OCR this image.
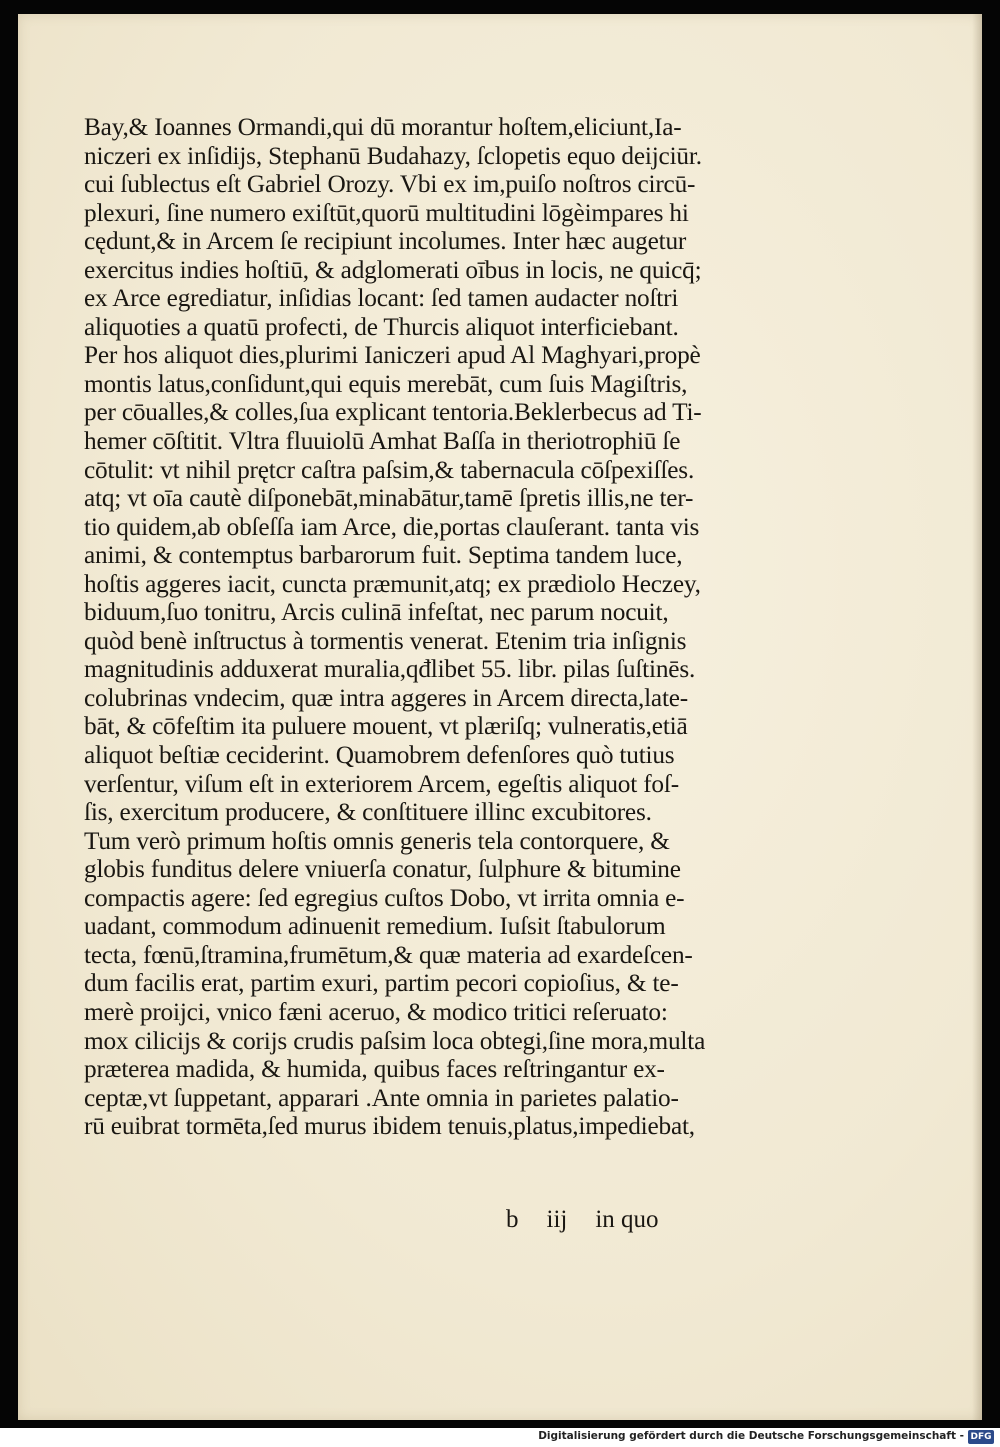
Bay,& Ioannes Ormandi,qui dū morantur hoſtem,eliciunt,Ia-
niczeri ex inſidijs, Stephanū Budahazy, ſclopetis equo deijciūr.
cui ſublectus eſt Gabriel Orozy. Vbi ex im,puiſo noſtros circū-
plexuri, ſine numero exiſtūt,quorū multitudini lōgèimpares hi
cędunt,& in Arcem ſe recipiunt incolumes. Inter hæc augetur
exercitus indies hoſtiū, & adglomerati oībus in locis, ne quicq̄;
ex Arce egrediatur, inſidias locant: ſed tamen audacter noſtri
aliquoties a quatū profecti, de Thurcis aliquot interficiebant.
Per hos aliquot dies,plurimi Ianiczeri apud Al Maghyari,propè
montis latus,conſidunt,qui equis merebāt, cum ſuis Magiſtris,
per cōualles,& colles,ſua explicant tentoria.Beklerbecus ad Ti-
hemer cōſtitit. Vltra fluuiolū Amhat Baſſa in theriotrophiū ſe
cōtulit: vt nihil prętcr caſtra paſsim,& tabernacula cōſpexiſſes.
atq; vt oīa cautè diſponebāt,minabātur,tamē ſpretis illis,ne ter-
tio quidem,ab obſeſſa iam Arce, die,portas clauſerant. tanta vis
animi, & contemptus barbarorum fuit. Septima tandem luce,
hoſtis aggeres iacit, cuncta præmunit,atq; ex prædiolo Heczey,
biduum,ſuo tonitru, Arcis culinā infeſtat, nec parum nocuit,
quòd benè inſtructus à tormentis venerat. Etenim tria inſignis
magnitudinis adduxerat muralia,qđlibet 55. libr. pilas ſuſtinēs.
colubrinas vndecim, quæ intra aggeres in Arcem directa,late-
bāt, & cōfeſtim ita puluere mouent, vt plæriſq; vulneratis,etiā
aliquot beſtiæ ceciderint. Quamobrem defenſores quò tutius
verſentur, viſum eſt in exteriorem Arcem, egeſtis aliquot foſ-
ſis, exercitum producere, & conſtituere illinc excubitores.
Tum verò primum hoſtis omnis generis tela contorquere, &
globis funditus delere vniuerſa conatur, ſulphure & bitumine
compactis agere: ſed egregius cuſtos Dobo, vt irrita omnia e-
uadant, commodum adinuenit remedium. Iuſsit ſtabulorum
tecta, fœnū,ſtramina,frumētum,& quæ materia ad exardeſcen-
dum facilis erat, partim exuri, partim pecori copioſius, & te-
merè proijci, vnico fæni aceruo, & modico tritici reſeruato:
mox cilicijs & corijs crudis paſsim loca obtegi,ſine mora,multa
præterea madida, & humida, quibus faces reſtringantur ex-
ceptæ,vt ſuppetant, apparari .Ante omnia in parietes palatio-
rū euibrat tormēta,ſed murus ibidem tenuis,platus,impediebat,
b iij in quo
Digitalisierung gefördert durch die Deutsche Forschungsgemeinschaft - DFG
